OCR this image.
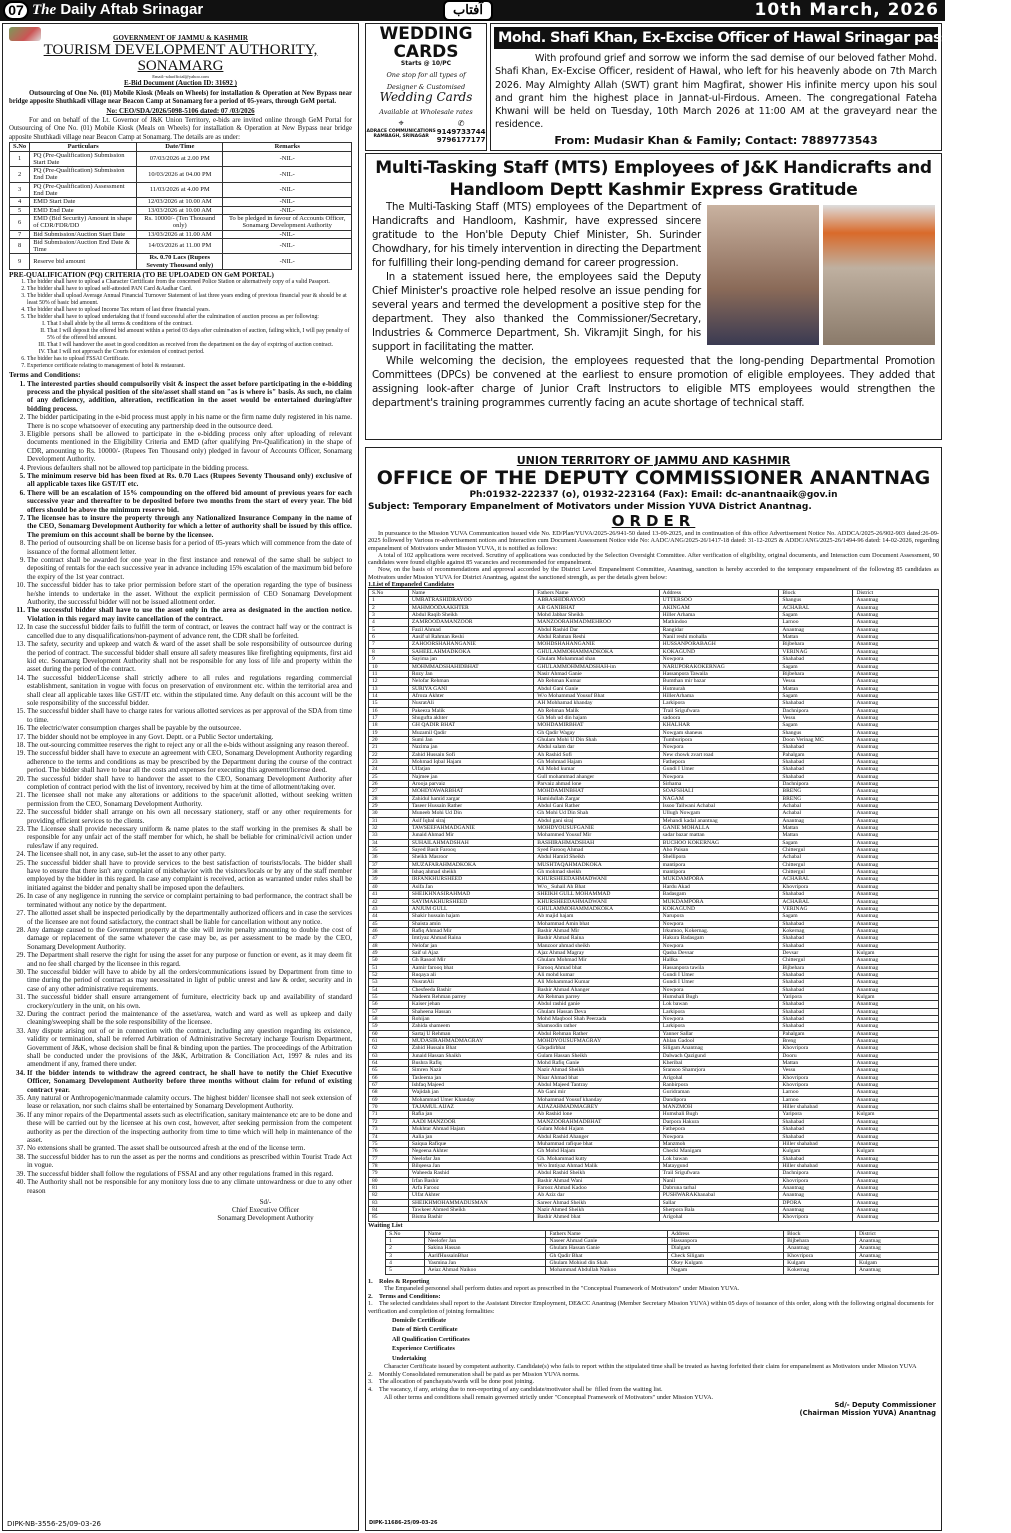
07 The Daily Aftab Srinagar	آفتاب	10th March, 2026
GOVERNMENT OF JAMMU & KASHMIR
TOURISM DEVELOPMENT AUTHORITY, SONAMARG
Email:-sdaofficial@yahoo.com
E-Bid Document (Auction ID: 31692 )

Outsourcing of One No. (01) Mobile Kiosk (Meals on Wheels) for installation & Operation at New Bypass near bridge apposite Shuthkadi village near Beacon Camp at Sonamarg for a period of 05-years, through GeM portal.

No: CEO/SDA/2026/5098-5106 dated: 07 /03/2026

For and on behalf of the Lt. Governor of J&K Union Territory, e-bids are invited online through GeM Portal for Outsourcing of One No. (01) Mobile Kiosk (Meals on Wheels) for installation & Operation at New Bypass near bridge apposite Shuthkadi village near Beacon Camp at Sonamarg. The details are as under:

S.No	Particulars	Date/Time	Remarks
1	PQ (Pre-Qualification) Submission Start Date	07/03/2026 at 2.00 PM	-NIL-
2	PQ (Pre-Qualification) Submission End Date	10/03/2026 at 04.00 PM	-NIL-
3	PQ (Pre-Qualification) Assessment End Date	11/03/2026 at 4.00 PM	-NIL-
4	EMD Start Date	12/03/2026 at 10.00 AM	-NIL-
5	EMD End Date	13/03/2026 at 10.00 AM	-NIL-
6	EMD (Bid Security) Amount in shape of CDR/FDR/DD	Rs. 10000/- (Ten Thousand only)	To be pledged in favour of Accounts Officer, Sonamarg Development Authority
7	Bid Submission/Auction Start Date	13/03/2026 at 11.00 AM	-NIL-
8	Bid Submission/Auction End Date & Time	14/03/2026 at 11.00 PM	-NIL-
9	Reserve bid amount	Rs. 0.70 Lacs (Rupees Seventy Thousand only)	-NIL-
PRE-QUALIFICATION (PQ) CRITERIA (TO BE UPLOADED ON GeM PORTAL)
1. The bidder shall have to upload a Character Certificate from the concerned Police Station or alternatively copy of a valid Passport.
2. The bidder shall have to upload self-attested PAN Card &Aadhar Card.
3. The bidder shall upload Average Annual Financial Turnover Statement of last three years ending of previous financial year & should be at least 50% of basic bid amount.
4. The bidder shall have to upload Income Tax return of last three financial years.
5. The bidder shall have to upload undertaking that if found successful after the culmination of auction process as per following:
I. That I shall abide by the all terms & conditions of the contract.
II. That I will deposit the offered bid amount within a period 03 days after culmination of auction, failing which, I will pay penalty of 5% of the offered bid amount.
III. That I will handover the asset in good condition as received from the department on the day of expiring of auction contract.
IV. That I will not approach the Courts for extension of contract period.
6. The bidder has to upload FSSAI Certificate.
7. Experience certificate relating to management of hotel & restaurant.
Terms and Conditions:
1. The interested parties should compulsorily visit & inspect the asset before participating in the e-bidding process and the physical position of the site/asset shall stand on "as is where is" basis. As such, no claim of any deficiency, addition, alteration, rectification in the asset would be entertained during/after bidding process.
2. The bidder participating in the e-bid process must apply in his name or the firm name duly registered in his name. There is no scope whatsoever of executing any partnership deed in the outsource deed.
3. Eligible persons shall be allowed to participate in the e-bidding process only after uploading of relevant documents mentioned in the Eligibility Criteria and EMD (after qualifying Pre-Qualification) in the shape of CDR, amounting to Rs. 10000/- (Rupees Ten Thousand only) pledged in favour of Accounts Officer, Sonamarg Development Authority.
4. Previous defaulters shall not be allowed top participate in the bidding process.
5. The minimum reserve bid has been fixed at Rs. 0.70 Lacs (Rupees Seventy Thousand only) exclusive of all applicable taxes like GST/IT etc.
6. There will be an escalation of 15% compounding on the offered bid amount of previous years for each successive year and thereafter to be deposited before two months from the start of every year. The bid offers should be above the minimum reserve bid.
7. The licensee has to insure the property through any Nationalized Insurance Company in the name of the CEO, Sonamarg Development Authority for which a letter of authority shall be issued by this office. The premium on this account shall be borne by the licensee.
8. The period of outsourcing shall be on license basis for a period of 05-years which will commence from the date of issuance of the formal allotment letter.
9. The contract shall be awarded for one year in the first instance and renewal of the same shall be subject to depositing of rentals for the each successive year in advance including 15% escalation of the maximum bid before the expiry of the 1st year contract.
10. The successful bidder has to take prior permission before start of the operation regarding the type of business he/she intends to undertake in the asset. Without the explicit permission of CEO Sonamarg Development Authority, the successful bidder will not be issued allotment order.
11. The successful bidder shall have to use the asset only in the area as designated in the auction notice. Violation in this regard may invite cancellation of the contract.
12. In case the successful bidder fails to fulfill the term of contract, or leaves the contract half way or the contract is cancelled due to any disqualifications/non-payment of advance rent, the CDR shall be forfeited.
13. The safety, security and upkeep and watch & ward of the asset shall be sole responsibility of outsourcee during the period of contract. The successful bidder shall ensure all safety measures like firefighting equipments, first aid kid etc. Sonamarg Development Authority shall not be responsible for any loss of life and property within the asset during the period of the contract.
14. The successful bidder/License shall strictly adhere to all rules and regulations regarding commercial establishment, sanitation in vogue with focus on preservation of environment etc. within the territorial area and shall clear all applicable taxes like GST/IT etc. within the stipulated time. Any default on this account will be the sole responsibility of the successful bidder.
15. The successful bidder shall have to charge rates for various allotted services as per approval of the SDA from time to time.
16. The electric/water consumption charges shall be payable by the outsourcee.
17. The bidder should not be employee in any Govt. Deptt. or a Public Sector undertaking.
18. The out-sourcing committee reserves the right to reject any or all the e-bids without assigning any reason thereof.
19. The successful bidder shall have to execute an agreement with CEO, Sonamarg Development Authority regarding adherence to the terms and conditions as may be prescribed by the Department during the course of the contract period. The bidder shall have to bear all the costs and expenses for executing this agreement/license deed.
20. The successful bidder shall have to handover the asset to the CEO, Sonamarg Development Authority after completion of contract period with the list of inventory, received by him at the time of allotment/taking over.
21. The licensee shall not make any alterations or additions to the space/unit allotted, without seeking written permission from the CEO, Sonamarg Development Authority.
22. The successful bidder shall arrange on his own all necessary stationery, staff or any other requirements for providing efficient services to the clients.
23. The Licensee shall provide necessary uniform & name plates to the staff working in the premises & shall be responsible for any unfair act of the staff member for which, he shall be beliable for criminal/civil action under rules/law if any required.
24. The licensee shall not, in any case, sub-let the asset to any other party.
25. The successful bidder shall have to provide services to the best satisfaction of tourists/locals. The bidder shall have to ensure that there isn't any complaint of misbehavior with the visitors/locals or by any of the staff member employed by the bidder in this regard. In case any complaint is received, action as warranted under rules shall be initiated against the bidder and penalty shall be imposed upon the defaulters.
26. In case of any negligence in running the service or complaint pertaining to bad performance, the contract shall be terminated without any notice by the department.
27. The allotted asset shall be inspected periodically by the departmentally authorized officers and in case the services of the licensee are not found satisfactory, the contract shall be liable for cancellation without any notice.
28. Any damage caused to the Government property at the site will invite penalty amounting to double the cost of damage or replacement of the same whatever the case may be, as per assessment to be made by the CEO, Sonamarg Development Authority.
29. The Department shall reserve the right for using the asset for any purpose or function or event, as it may deem fit and no fee shall charged by the licensee in this regard.
30. The successful bidder will have to abide by all the orders/communications issued by Department from time to time during the period of contract as may necessitated in light of public unrest and law & order, security and in case of any other administrative requirements.
31. The successful bidder shall ensure arrangement of furniture, electricity back up and availability of standard crockery/cutlery in the unit, on his own.
32. During the contract period the maintenance of the asset/area, watch and ward as well as upkeep and daily cleaning/sweeping shall be the sole responsibility of the licensee.
33. Any dispute arising out of or in connection with the contract, including any question regarding its existence, validity or termination, shall be referred Arbitration of Administrative Secretary incharge Tourism Department, Government of J&K, whose decision shall be final & binding upon the parties. The proceedings of the Arbitration shall be conducted under the provisions of the J&K, Arbitration & Conciliation Act, 1997 & rules and its amendment if any, framed there under.
34. If the bidder intends to withdraw the agreed contract, he shall have to notify the Chief Executive Officer, Sonamarg Development Authority before three months without claim for refund of existing contract year.
35. Any natural or Anthropogenic/manmade calamity occurs. The highest bidder/ licensee shall not seek extension of lease or relaxation, nor such claims shall be entertained by Sonamarg Development Authority.
36. If any minor repairs of the Departmental assets such as electrification, sanitary maintenance etc are to be done and these will be carried out by the licensee at his own cost, however, after seeking permission from the competent authority as per the direction of the inspecting authority from time to time which will help in maintenance of the asset.
37. No extensions shall be granted. The asset shall be outsourced afresh at the end of the license term.
38. The successful bidder has to run the asset as per the norms and conditions as prescribed within Tourist Trade Act in vogue.
39. The successful bidder shall follow the regulations of FSSAI and any other regulations framed in this regard.
40. The Authority shall not be responsible for any monitory loss due to any climate untowardness or due to any other reason
Sd/-
Chief Executive Officer
Sonamarg Development Authority
DIPK-NB-3556-25/09-03-26
WEDDING
CARDS
Starts @ 10/PC
One stop for all types of
Designer & Customised
Wedding Cards
Available at Wholesale rates
⌖
ADRACE COMMUNICATIONS
RAMBAGH, SRINAGAR
✆
9149733744
9796177177
Mohd. Shafi Khan, Ex-Excise Officer of Hawal Srinagar passes-away
With profound grief and sorrow we inform the sad demise of our beloved father Mohd. Shafi Khan, Ex-Excise Officer, resident of Hawal, who left for his heavenly abode on 7th March 2026. May Almighty Allah (SWT) grant him Magfirat, shower His infinite mercy upon his soul and grant him the highest place in Jannat-ul-Firdous. Ameen. The congregational Fateha Khwani will be held on Tuesday, 10th March 2026 at 11:00 AM at the graveyard near the residence.
From: Mudasir Khan & Family; Contact: 7889773543
Multi-Tasking Staff (MTS) Employees of J&K Handicrafts and Handloom Deptt Kashmir Express Gratitude
The Multi-Tasking Staff (MTS) employees of the Department of Handicrafts and Handloom, Kashmir, have expressed sincere gratitude to the Hon'ble Deputy Chief Minister, Sh. Surinder Chowdhary, for his timely intervention in directing the Department for fulfilling their long-pending demand for career progression.
In a statement issued here, the employees said the Deputy Chief Minister's proactive role helped resolve an issue pending for several years and termed the development a positive step for the department. They also thanked the Commissioner/Secretary, Industries & Commerce Department, Sh. Vikramjit Singh, for his support in facilitating the matter.
While welcoming the decision, the employees requested that the long-pending Departmental Promotion Committees (DPCs) be convened at the earliest to ensure promotion of eligible employees. They added that assigning look-after charge of Junior Craft Instructors to eligible MTS employees would strengthen the department's training programmes currently facing an acute shortage of technical staff.
UNION TERRITORY OF JAMMU AND KASHMIR
OFFICE OF THE DEPUTY COMMISSIONER ANANTNAG
Ph:01932-222337 (o), 01932-223164 (Fax): Email: dc-anantnaaik@gov.in
Subject: Temporary Empanelment of Motivators under Mission YUVA District Anantnag.
ORDER

In pursuance to the Mission YUVA Communication issued vide No. ED/Plan/YUVA/2025-26/941-50 dated 13-09-2025, and in continuation of this office Advertisement Notice No. ADDCA/2025-26/902-903 dated:26-09-2025 followed by Various re-advertisement notices and Interaction cum Document Assessment Notice vide No: AADC/ANG/2025-26/1417-18 dated: 31-12-2025 & ADDC/ANG/2025-26/1494-96 dated: 14-02-2026, regarding empanelment of Motivators under Mission YUVA, it is notified as follows:

A total of 102 applications were received. Scrutiny of applications was conducted by the Selection Oversight Committee. After verification of eligibility, original documents, and Interaction cum Document Assessment, 90 candidates were found eligible against 85 vacancies and recommended for empanelment.

Now, on the basis of recommendations and approval accorded by the District Level Empanelment Committee, Anantnag, sanction is hereby accorded to the temporary empanelment of the following 85 candidates as Motivators under Mission YUVA for District Anantnag, against the sanctioned strength, as per the details given below:

1.List of Empaneled Candidates
S.No	Name	Fathers Name	Address	Block	District
1	UMRATRASHIDRAYOO	ABRASHIDRAYOO	UTTERSOO	Shangus	Anantnag
2	MAHMOODAAKHTER	AB GANIBHAT	AKINGAM	ACHABAL	Anantnag
3	Abdul Raqib Sheikh	Mohd Jabbar Sheikh	Hiller Arhama	Sagam	Anantnag
4	ZAMROODAMANZOOR	MANZOORAHMADMEHROO	Mathindoo	Larnoo	Anantnag
5	Fazil Ahmad	Abdul Rashid Dar	Rangidar	Anantnag	Anantnag
6	Aasif ul Rahman Reshi	Abdul Rahman Reshi	Nanil reshi mohalla	Mattan	Anantnag
7	ZAHOORSHAHANGANIE	MOHDSHAHANGANIE	HUSSANPORABAGH	Bijbehara	Anantnag
8	SAHEELAHMADKOKA	GHULAMMOHAMMADKOKA	KOKAGUND	VERINAG	Anantnag
9	Sayima jan	Ghulam Mohammad shan	Nowpora	Shahabad	Anantnag
10	MOHMMADSHAHIDBHAT	GHULAMMOHMMADSHAH-im	NARUPORAKOKERNAG	Sagam	Anantnag
11	Rozy Jan	Nasir Ahmad Ganie	Hassanpora Tawaila	Bijbehara	Anantnag
12	Nelofar Rehman	Ab Rehman Kumar	Bumthan mir bazar	Vessu	Anantnag
13	SURIYA GANI	Abdul Gani Ganie	Hutmurah	Mattan	Anantnag
14	Afroza Akhter	W/o Mohammad Yousuf Bhat	HillerArhama	Sagam	Anantnag
15	NusratAli	AH Mohhamad khanday	Larkipora	Shahabad	Anantnag
16	Pakeeza Malik	Ab Rehman Malik	Trail Srigufwara	Dachnipora	Anantnag
17	Shugufta akhter	Gh Moh ud din hajam	sadoora	Vessu	Anantnag
18	GH QADIR BHAT	MOHDAMIRBHAT	KHALHAR	Sagam	Anantnag
19	Muzamil Qadir	Gh Qadir Wagay	Nowgam shaneus	Shangus	Anantnag
20	Sumi Jan	Ghulam Mohi U Din Shah	Tumburipora	Doon Verinag MC	Anantnag
21	Nazima jan	Abdul salam dar	Nowpora	Shahabad	Anantnag
22	Zahid Hussain Sofi	Ah Rashid Sofi	New chowk zvart road	Pahalgam	Anantnag
23	Mohmad Iqbal Hajam	Gh Mohmad Hajam	Fathepora	Shahabad	Anantnag
24	Ulfatjan	Ali Mohd kumar	Gundi I Umer	Shahabad	Anantnag
25	Najmee jan	Gull mohammad ahanger	Nowpora	Shahabad	Anantnag
26	Arooja parvaiz	Parvaiz ahmad lone	Sirhama	Dachnipora	Anantnag
27	MOHDYAWARBHAT	MOHDAMINBHAT	SOAFSHALI	BRENG	Anantnag
28	Zahidul hamid zargar	Hamidullah Zargar	NAGAM	BRENG	Anantnag
29	Taseer Hussain Rather	Abdul Gani Rather	Issoo Tailwani Achabal	Achabal	Anantnag
30	Muneeb Mohi Ud Din	Gh Mohi Ud Din Shah	Ullugh Nowgam	Achabal	Anantnag
31	Asif Iqbal siraj	Abdul gani siraj	Mehandi kadal anantnag	Anantnag	Anantnag
32	TAWSEEFAHMADGANIE	MOHDYOUSUFGANIE	GANIE MOHALLA	Mattan	Anantnag
33	Junaid Ahmad Mir	Mohammed Yousuf Mir	sadar bazar mattan	Mattan	Anantnag
34	SUHAILAHMADSHAH	BASHIRAHMADSHAH	BUCHOO KOKERNAG	Sagam	Anantnag
35	Sayed Basit Farooq	Syed Farooq Ahmad	Aho Paisan	Chittergul	Anantnag
36	Sheikh Masroor	Abdul Hamid Sheikh	Shellipora	Achabal	Anantnag
37	MUZAFARAHMADKOKA	MUSHTAQAHMADKOKA	mantipora	Chittergul	Anantnag
38	Ishaq ahmad sheikh	Gh mohmad sheikh	mantipora	Chittergul	Anantnag
39	IRFANKHURSHEED	KHURSHEEDAHMADWANI	MUKDAMPORA	ACHABAL	Anantnag
40	Asifa Jan	W/o_ Suhail Ah Bhat	Hardu Akad	Khovripora	Anantnag
41	SHEIKHNASIRAHMAD	SHEIKH GULL MOHAMMAD	Badasgam	Shahabad	Anantnag
42	SAYIMAKHURSHEED	KHURSHEEDAHMADWANI	MUKDAMPORA	ACHABAL	Anantnag
43	ANJUM GULL	GHULAMMOHAMMADKOKA	KOKAGUND	VERINAG	Anantnag
44	Shakir hussain hajam	Ab majid hajam	Narupora	Sagam	Anantnag
45	Shaista amin	Mohammad Amin bhat	Nowpora	Shahabad	Anantnag
46	Rafiq Ahmad Mir	Bashir Ahmad Mir	Irkumoo, Kokernag.	Kokernag	Anantnag
47	Imtiyaz Ahmad Raina	Bashir Ahmad Raina	Hakura Badasgam	Shahabad	Anantnag
48	Nelofar jan	Manzoor ahmad sheikh	Nowpora	Shahabad	Anantnag
49	Saif ul Ajaz	Ajaz Ahmad Magray	Qasba Devsar	Devsar	Kulgam
50	Gh Rasool Mir	Ghulam Mohmad Mir	Hallka	Chittergul	Anantnag
51	Aamir farooq bhat	Farooq Ahmad bhat	Hassanpora tawila	Bijbehara	Anantnag
52	Ruqaya ali	Ali mohd kumar	Gundi I Umer	Shahabad	Anantnag
53	NusratAli	Ali Mohammad Kumar	Gundi I Umer	Shahabad	Anantnag
54	Chesfeeda Bashir	Bashir Ahmad Ahanger	Nowpora	Shahabad	Anantnag
55	Nadeem Rehman parrey	Ab Rehman parrey	Humshali Bugh	Yaripora	Kulgam
56	Kaiser jehan	Abdul rashid ganie	Lok bawan	Shahabad	Anantnag
57	Shaheena Hassan	Ghulam Hassan Deva	Larkipora	Shahabad	Anantnag
58	Rohijan	Mohd Maqbool Shah Peerzada	Nowpora	Shahabad	Anantnag
59	Zahida shameem	Shamsodin rather	Larkipora	Shahabad	Anantnag
60	Sartaj U Rehman	Abdul Rehman Rather	Yanner Sallar	Pahalgam	Anantnag
61	MUDASIRAHMADMAGRAY	MOHDYOUSUFMAGRAY	Ahlan Gadool	Breng	Anantnag
62	Zahid Hussain Bhat	Ghqadirbhat	Siligam Anantnag	Khovripora	Anantnag
63	Junaid Hassan Shaikh	Gulam Hassan Sheikh	Dalwach Qazigund	Dooru	Anantnag
64	Bushra Rafiq	Mohd Rafiq Ganie	Kheribal	Mattan	Anantnag
65	Simren Nazir	Nazir Ahmad Sheikh	Sransoo Shamrjora	Vessu	Anantnag
66	Tasleema jan	Nisar Ahmad bhat	Arigohal	Khovripora	Anantnag
67	Ishfaq Majeed	Abdul Majeed Tantray	Ranbirpora	Khovripora	Anantnag
68	Wajidah jan	Ab Gani mir	Guridraman	Larnoo	Anantnag
69	Mohammad Umer Khanday	Mohammad Yousuf khanday	Dandipora	Larnoo	Anantnag
70	TAJAMUL AIJAZ	AIJAZAHMADMAGREY	MANZMOH	Hiller shahabad	Anantnag
71	Rafia jan	Ab Rashid lone	Humshali Bugh	Yaripora	Kulgam
72	AADI MANZOOR	MANZOORAHMADBHAT	Darpora Hakura	Shahabad	Anantnag
73	Mukhtar Ahmad Hajam	Gulam Mohd Hajam	Fathepora	Shahabad	Anantnag
74	Aalia jan	Abdul Rashid Ahanger	Nowpora	Shahabad	Anantnag
75	Saiqua Rafique	Muhammad rafique bhat	Manzmoh	Hiller shahabad	Anantnag
76	Negeena Akhter	Gh Mohd Hajam	Checki Manigam	Kulgam	Kulgam
77	Neelofar Jan	Gh. Mohammad kutty	Lok bawan	Shahabad	Anantnag
78	Bilqeesa Jan	W/o Imtiyaz Ahmad Malik	Mataygund	Hiller shahabad	Anantnag
79	Waheeda Rashid	Abdul Rashid Sheikh	Trail Srigufwara	Dachnipora	Anantnag
80	Irfan Bashir	Bashir Ahmad Wani	Nanil	Khovripora	Anantnag
81	Arfa Farooz	Farooz Ahmad Kadoo	Dabruna tarhal	Anantnag	Anantnag
82	Ulfat Akhter	Ab Aziz dar	PUSHWARAKhanabal	Anantnag	Anantnag
83	SHEIKHMOHAMMADUSMAN	Sareer Ahmad Sheikh	Sallar	DPORA	Anantnag
84	Tawkeer Ahmed Sheikh	Nazir Ahmed Sheikh	Sherpora Bala	Anantnag	Anantnag
85	Bisma Bashir	Bashir Ahmed bhat	Arigohal	Khovripora	Anantnag
Waiting List
S.No	Name	Fathers Name	Address	Block	District
1	Neelofer Jan	Naseer Ahmad Ganie	Hassanpora	Bijbehara	Anantnag
2	Sakina Hassan	Ghulam Hassan Ganie	Dialgam	Anantnag	Anantnag
3	AarifHussainBhat	Gh Qadir Bhat	Check Siligam	Khovripora	Anantnag
4	Yasmina Jan	Ghulam Mohiud din Shah	Okey Kulgam	Kulgam	Kulgam
5	Aeiaz Ahmad Naikoo	Mohammad Abdullah Naikoo	Nagam	Kokernag	Anantnag
1.    Roles & Reporting
The Empaneled personnel shall perform duties and report as prescribed in the "Conceptual Framework of Motivators" under Mission YUVA.
2.    Terms and Conditions:
1.    The selected candidates shall report to the Assistant Director Employment, DE&CC Anantnag (Member Secretary Mission YUVA) within 05 days of issuance of this order, along with the following original documents for verification and completion of joining formalities:
Domicile Certificate
Date of Birth Certificate
All Qualification Certificates
Experience Certificates
Undertaking
Character Certificate issued by competent authority. Candidate(s) who fails to report within the stipulated time shall be treated as having forfeited their claim for empanelment as Motivators under Mission YUVA
2.    Monthly Consolidated remuneration shall be paid as per Mission YUVA norms.
3.    The allocation of panchayats/wards will be done post joining.
4.    The vacancy, if any, arising due to non-reporting of any candidate/motivator shall be  filled from the waiting list.
All other terms and conditions shall remain governed strictly under "Conceptual Framework of Motivators" under Mission YUVA.
Sd/- Deputy Commissioner
(Chairman Mission YUVA) Anantnag
DIPK-11686-25/09-03-26
